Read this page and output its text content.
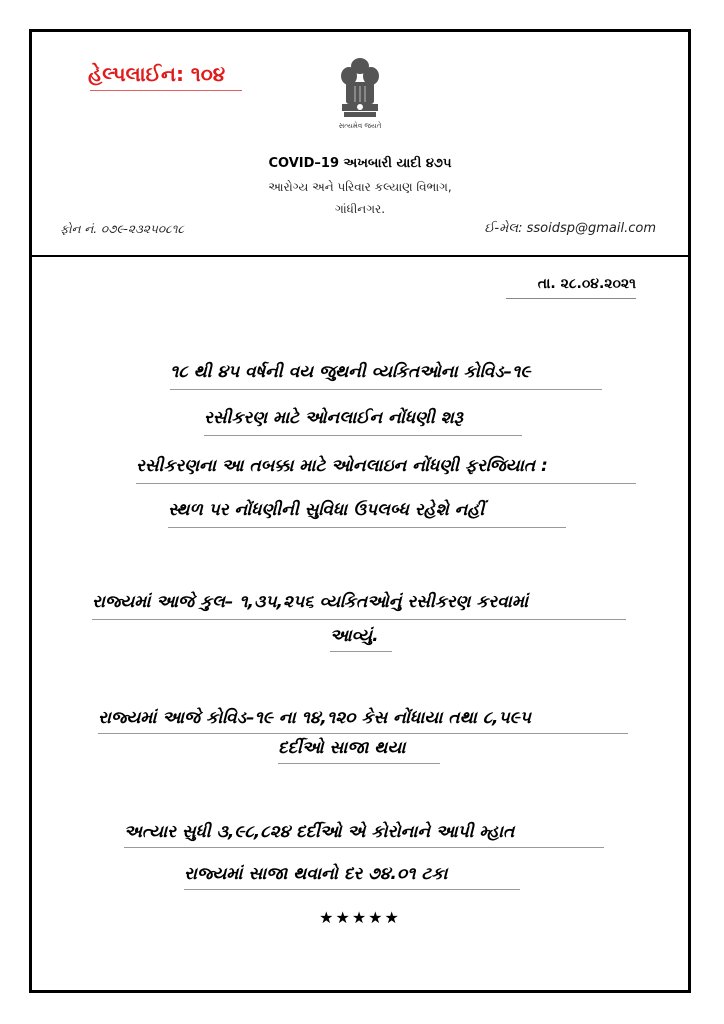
હેલ્પલાઈન: ૧૦૪
સત્યમેવ જયતે
COVID–19 અખબારી યાદી ૪૭૫
આરોગ્ય અને પરિવાર કલ્યાણ વિભાગ,
ગાંધીનગર.
ફોન નં. ૦૭૯-૨૩૨૫૦૮૧૮	ઈ-મેલ: ssoidsp@gmail.com
તા. ૨૮.૦૪.૨૦૨૧
૧૮ થી ૪૫ વર્ષની વય જુથની વ્યકિતઓના કોવિડ–૧૯
રસીકરણ માટે ઓનલાઈન નોંધણી શરૂ
રસીકરણના આ તબક્કા માટે ઓનલાઇન નોંધણી ફરજિયાત :
સ્થળ પર નોંધણીની સુવિધા ઉપલબ્ધ રહેશે નહીં
રાજ્યમાં આજે કુલ– ૧,૩૫,૨૫૬ વ્યકિતઓનું રસીકરણ કરવામાં
આવ્યું.
રાજ્યમાં આજે કોવિડ–૧૯ ના ૧૪,૧૨૦ કેસ નોંધાયા તથા ૮,૫૯૫
દર્દીઓ સાજા થયા
અત્યાર સુધી ૩,૯૮,૮૨૪ દર્દીઓ એ કોરોનાને આપી મ્હાત
રાજ્યમાં સાજા થવાનો દર ૭૪.૦૧ ટકા
★★★★★
